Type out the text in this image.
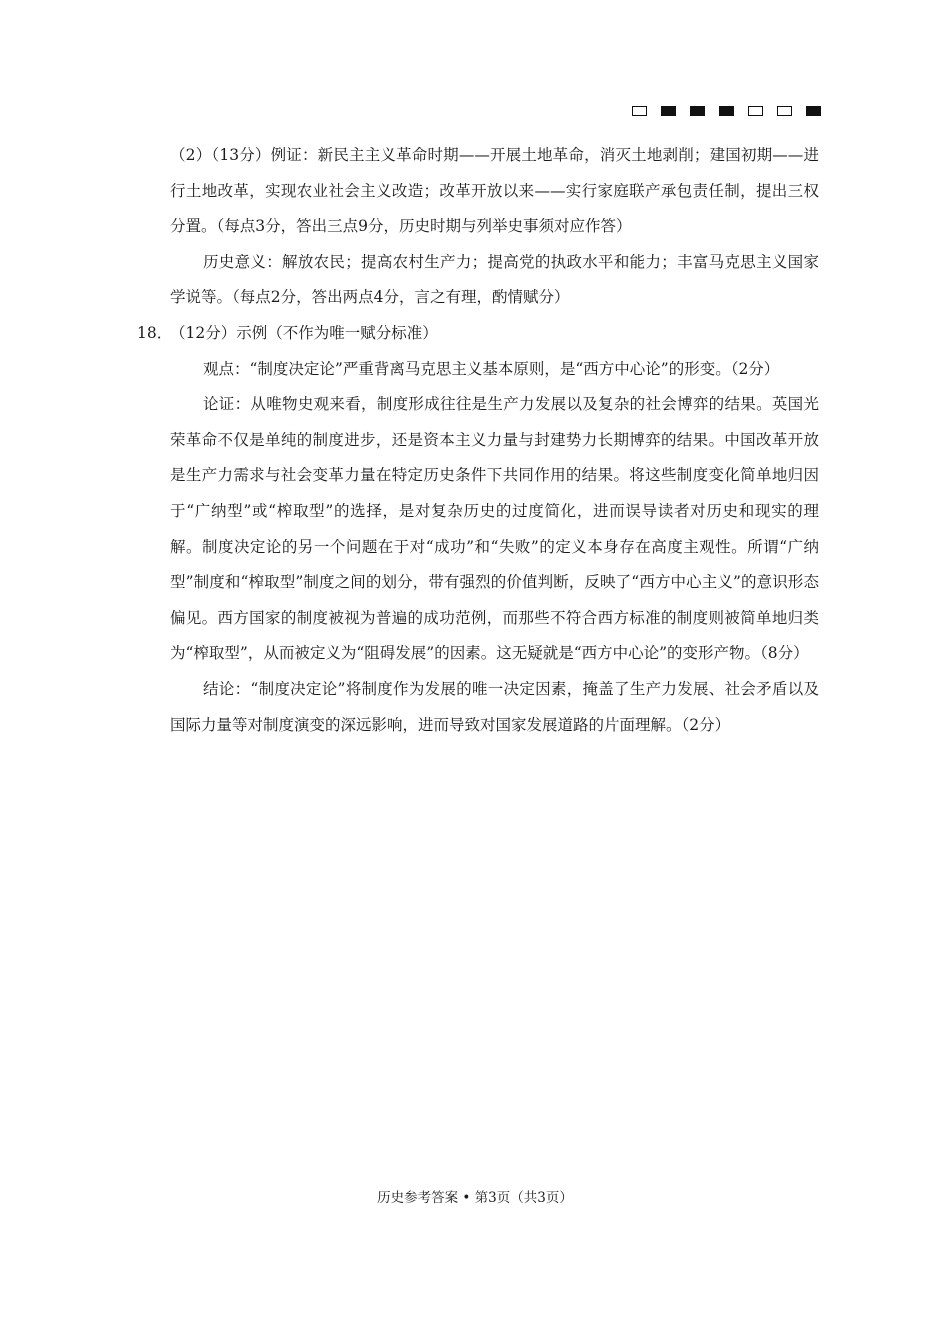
（2）（13分）例证：新民主主义革命时期——开展土地革命，消灭土地剥削；建国初期——进行土地改革，实现农业社会主义改造；改革开放以来——实行家庭联产承包责任制，提出三权分置。（每点3分，答出三点9分，历史时期与列举史事须对应作答）

历史意义：解放农民；提高农村生产力；提高党的执政水平和能力；丰富马克思主义国家学说等。（每点2分，答出两点4分，言之有理，酌情赋分）

18．（12分）示例（不作为唯一赋分标准）

观点：“制度决定论”严重背离马克思主义基本原则，是“西方中心论”的形变。（2分）

论证：从唯物史观来看，制度形成往往是生产力发展以及复杂的社会博弈的结果。英国光荣革命不仅是单纯的制度进步，还是资本主义力量与封建势力长期博弈的结果。中国改革开放是生产力需求与社会变革力量在特定历史条件下共同作用的结果。将这些制度变化简单地归因于“广纳型”或“榨取型”的选择，是对复杂历史的过度简化，进而误导读者对历史和现实的理解。制度决定论的另一个问题在于对“成功”和“失败”的定义本身存在高度主观性。所谓“广纳型”制度和“榨取型”制度之间的划分，带有强烈的价值判断，反映了“西方中心主义”的意识形态偏见。西方国家的制度被视为普遍的成功范例，而那些不符合西方标准的制度则被简单地归类为“榨取型”，从而被定义为“阻碍发展”的因素。这无疑就是“西方中心论”的变形产物。（8分）

结论：“制度决定论”将制度作为发展的唯一决定因素，掩盖了生产力发展、社会矛盾以及国际力量等对制度演变的深远影响，进而导致对国家发展道路的片面理解。（2分）

历史参考答案 • 第3页（共3页）
